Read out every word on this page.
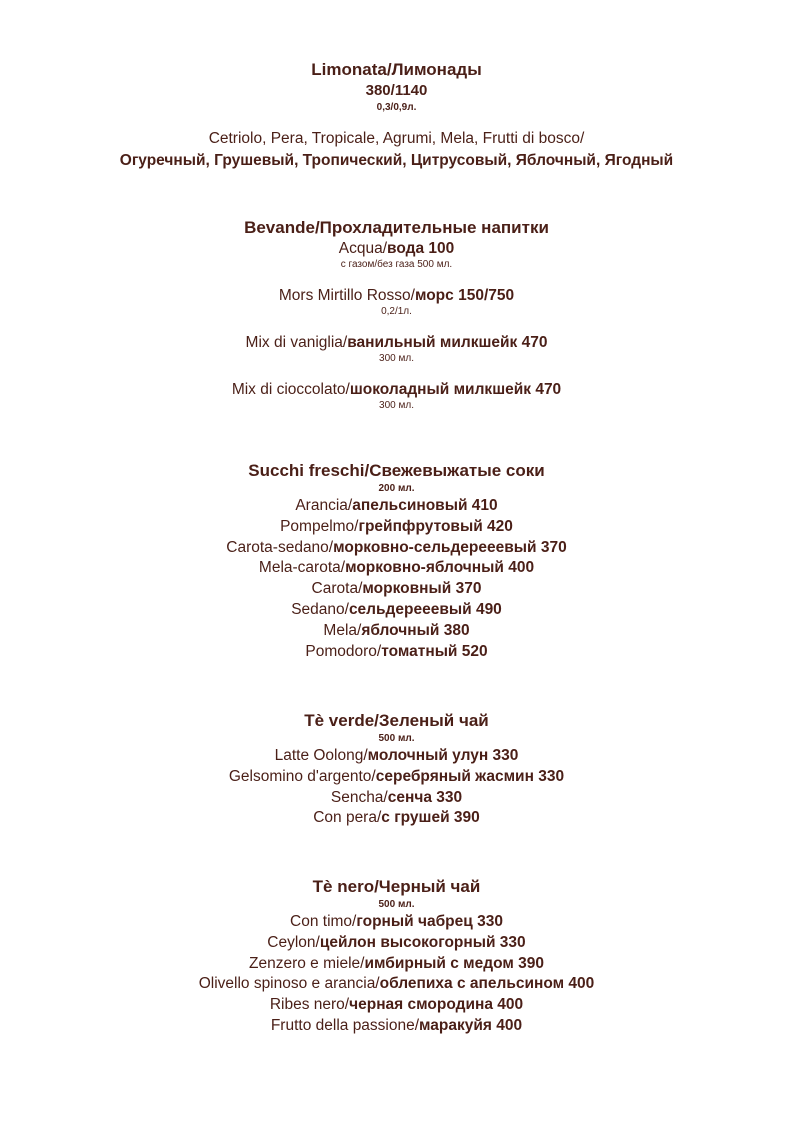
Limonata/Лимонады
380/1140
0,3/0,9л.
Cetriolo, Pera, Tropicale, Agrumi, Mela, Frutti di bosco/
Огуречный, Грушевый, Тропический, Цитрусовый, Яблочный, Ягодный
Bevande/Прохладительные напитки
Acqua/вода 100
с газом/без газа 500 мл.
Mors Mirtillo Rosso/морс 150/750
0,2/1л.
Mix di vaniglia/ванильный милкшейк 470
300 мл.
Mix di cioccolato/шоколадный милкшейк 470
300 мл.
Succhi freschi/Свежевыжатые соки
200 мл.
Arancia/апельсиновый 410
Pompelmo/грейпфрутовый 420
Carota-sedano/морковно-сельдерееевый 370
Mela-carota/морковно-яблочный 400
Carota/морковный 370
Sedano/сельдерееевый 490
Mela/яблочный 380
Pomodoro/томатный 520
Tè verde/Зеленый чай
500 мл.
Latte Oolong/молочный улун 330
Gelsomino d'argento/серебряный жасмин 330
Sencha/сенча 330
Con pera/с грушей 390
Tè nero/Черный чай
500 мл.
Con timo/горный чабрец 330
Ceylon/цейлон высокогорный 330
Zenzero e miele/имбирный с медом 390
Olivello spinoso e arancia/облепиха с апельсином 400
Ribes nero/черная смородина 400
Frutto della passione/маракуйя 400
